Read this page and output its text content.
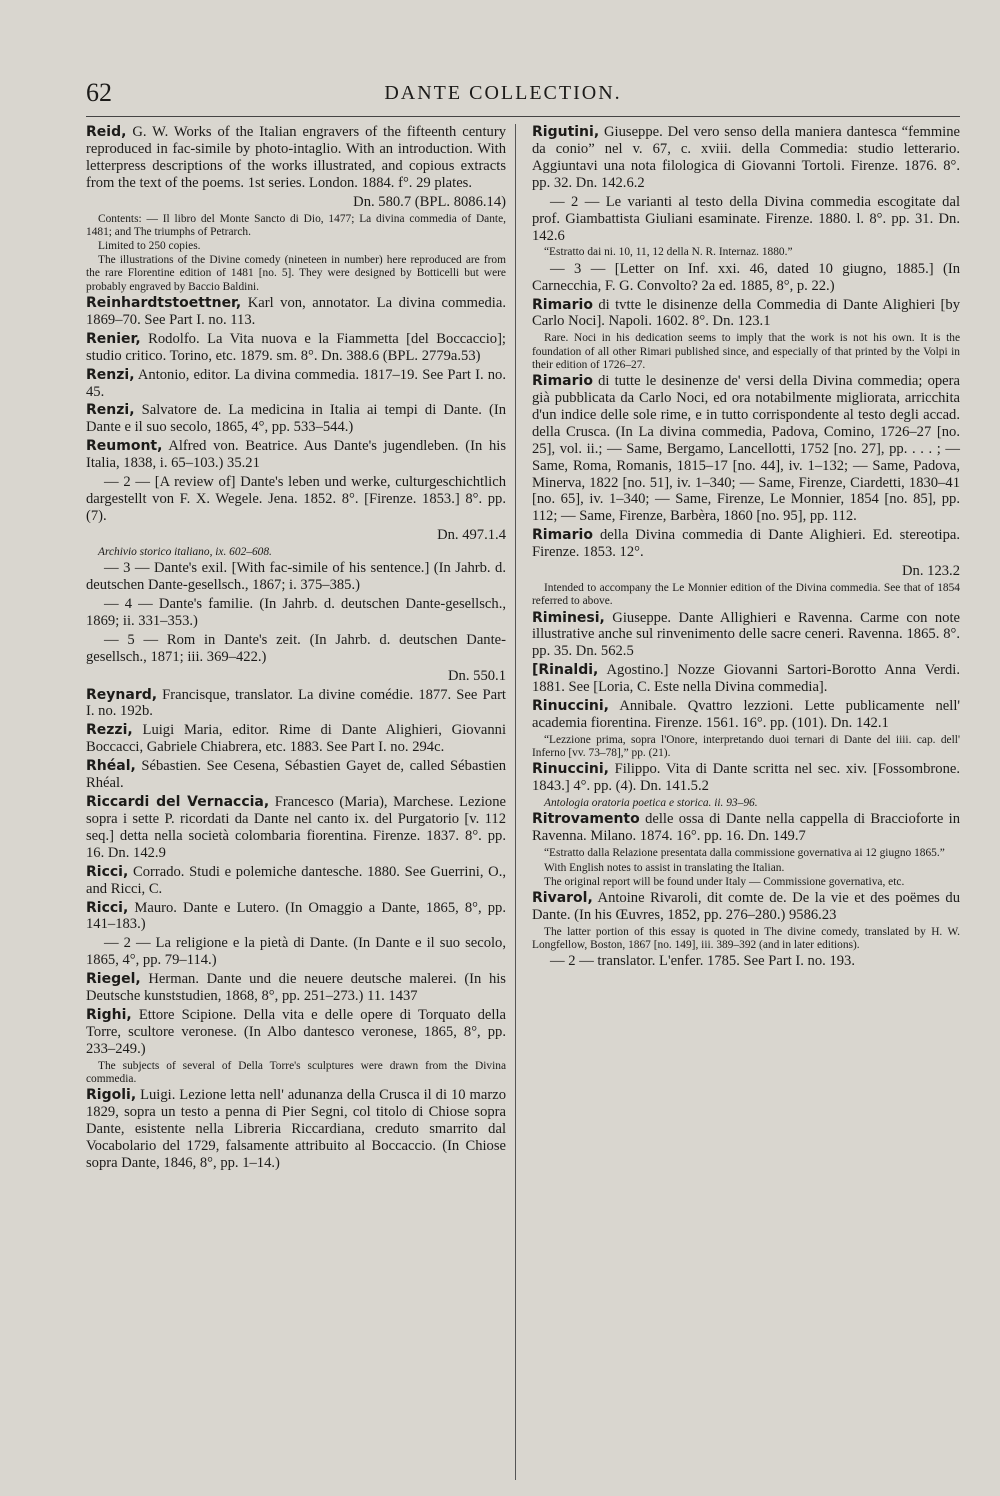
62	DANTE COLLECTION.
Reid, G. W. Works of the Italian engravers of the fifteenth century reproduced in fac-simile by photo-intaglio. With an introduction. With letterpress descriptions of the works illustrated, and copious extracts from the text of the poems. 1st series. London. 1884. f°. 29 plates.
Dn. 580.7 (BPL. 8086.14)
Contents: — Il libro del Monte Sancto di Dio, 1477; La divina commedia of Dante, 1481; and The triumphs of Petrarch.
Limited to 250 copies.
The illustrations of the Divine comedy (nineteen in number) here reproduced are from the rare Florentine edition of 1481 [no. 5]. They were designed by Botticelli but were probably engraved by Baccio Baldini.
Reinhardtstoettner, Karl von, annotator. La divina commedia. 1869–70. See Part I. no. 113.
Renier, Rodolfo. La Vita nuova e la Fiammetta [del Boccaccio]; studio critico. Torino, etc. 1879. sm. 8°. Dn. 388.6 (BPL. 2779a.53)
Renzi, Antonio, editor. La divina commedia. 1817–19. See Part I. no. 45.
Renzi, Salvatore de. La medicina in Italia ai tempi di Dante. (In Dante e il suo secolo, 1865, 4°, pp. 533–544.)
Reumont, Alfred von. Beatrice. Aus Dante's jugendleben. (In his Italia, 1838, i. 65–103.) 35.21
— 2 — [A review of] Dante's leben und werke, culturgeschichtlich dargestellt von F. X. Wegele. Jena. 1852. 8°. [Firenze. 1853.] 8°. pp. (7).
Dn. 497.1.4
Archivio storico italiano, ix. 602–608.
— 3 — Dante's exil. [With fac-simile of his sentence.] (In Jahrb. d. deutschen Dante-gesellsch., 1867; i. 375–385.)
— 4 — Dante's familie. (In Jahrb. d. deutschen Dante-gesellsch., 1869; ii. 331–353.)
— 5 — Rom in Dante's zeit. (In Jahrb. d. deutschen Dante-gesellsch., 1871; iii. 369–422.)
Dn. 550.1
Reynard, Francisque, translator. La divine comédie. 1877. See Part I. no. 192b.
Rezzi, Luigi Maria, editor. Rime di Dante Alighieri, Giovanni Boccacci, Gabriele Chiabrera, etc. 1883. See Part I. no. 294c.
Rhéal, Sébastien. See Cesena, Sébastien Gayet de, called Sébastien Rhéal.
Riccardi del Vernaccia, Francesco (Maria), Marchese. Lezione sopra i sette P. ricordati da Dante nel canto ix. del Purgatorio [v. 112 seq.] detta nella società colombaria fiorentina. Firenze. 1837. 8°. pp. 16. Dn. 142.9
Ricci, Corrado. Studi e polemiche dantesche. 1880. See Guerrini, O., and Ricci, C.
Ricci, Mauro. Dante e Lutero. (In Omaggio a Dante, 1865, 8°, pp. 141–183.)
— 2 — La religione e la pietà di Dante. (In Dante e il suo secolo, 1865, 4°, pp. 79–114.)
Riegel, Herman. Dante und die neuere deutsche malerei. (In his Deutsche kunststudien, 1868, 8°, pp. 251–273.) 11. 1437
Righi, Ettore Scipione. Della vita e delle opere di Torquato della Torre, scultore veronese. (In Albo dantesco veronese, 1865, 8°, pp. 233–249.)
The subjects of several of Della Torre's sculptures were drawn from the Divina commedia.
Rigoli, Luigi. Lezione letta nell' adunanza della Crusca il di 10 marzo 1829, sopra un testo a penna di Pier Segni, col titolo di Chiose sopra Dante, esistente nella Libreria Riccardiana, creduto smarrito dal Vocabolario del 1729, falsamente attribuito al Boccaccio. (In Chiose sopra Dante, 1846, 8°, pp. 1–14.)
Rigutini, Giuseppe. Del vero senso della maniera dantesca “femmine da conio” nel v. 67, c. xviii. della Commedia: studio letterario. Aggiuntavi una nota filologica di Giovanni Tortoli. Firenze. 1876. 8°. pp. 32. Dn. 142.6.2
— 2 — Le varianti al testo della Divina commedia escogitate dal prof. Giambattista Giuliani esaminate. Firenze. 1880. l. 8°. pp. 31. Dn. 142.6
“Estratto dai ni. 10, 11, 12 della N. R. Internaz. 1880.”
— 3 — [Letter on Inf. xxi. 46, dated 10 giugno, 1885.] (In Carnecchia, F. G. Convolto? 2a ed. 1885, 8°, p. 22.)
Rimario di tvtte le disinenze della Commedia di Dante Alighieri [by Carlo Noci]. Napoli. 1602. 8°. Dn. 123.1
Rare. Noci in his dedication seems to imply that the work is not his own. It is the foundation of all other Rimari published since, and especially of that printed by the Volpi in their edition of 1726–27.
Rimario di tutte le desinenze de' versi della Divina commedia; opera già pubblicata da Carlo Noci, ed ora notabilmente migliorata, arricchita d'un indice delle sole rime, e in tutto corrispondente al testo degli accad. della Crusca. (In La divina commedia, Padova, Comino, 1726–27 [no. 25], vol. ii.; — Same, Bergamo, Lancellotti, 1752 [no. 27], pp. . . . ; — Same, Roma, Romanis, 1815–17 [no. 44], iv. 1–132; — Same, Padova, Minerva, 1822 [no. 51], iv. 1–340; — Same, Firenze, Ciardetti, 1830–41 [no. 65], iv. 1–340; — Same, Firenze, Le Monnier, 1854 [no. 85], pp. 112; — Same, Firenze, Barbèra, 1860 [no. 95], pp. 112.
Rimario della Divina commedia di Dante Alighieri. Ed. stereotipa. Firenze. 1853. 12°.
Dn. 123.2
Intended to accompany the Le Monnier edition of the Divina commedia. See that of 1854 referred to above.
Riminesi, Giuseppe. Dante Allighieri e Ravenna. Carme con note illustrative anche sul rinvenimento delle sacre ceneri. Ravenna. 1865. 8°. pp. 35. Dn. 562.5
[Rinaldi, Agostino.] Nozze Giovanni Sartori-Borotto Anna Verdi. 1881. See [Loria, C. Este nella Divina commedia].
Rinuccini, Annibale. Qvattro lezzioni. Lette publicamente nell' academia fiorentina. Firenze. 1561. 16°. pp. (101). Dn. 142.1
“Lezzione prima, sopra l'Onore, interpretando duoi ternari di Dante del iiii. cap. dell' Inferno [vv. 73–78],” pp. (21).
Rinuccini, Filippo. Vita di Dante scritta nel sec. xiv. [Fossombrone. 1843.] 4°. pp. (4). Dn. 141.5.2
Antologia oratoria poetica e storica. ii. 93–96.
Ritrovamento delle ossa di Dante nella cappella di Braccioforte in Ravenna. Milano. 1874. 16°. pp. 16. Dn. 149.7
“Estratto dalla Relazione presentata dalla commissione governativa ai 12 giugno 1865.”
With English notes to assist in translating the Italian.
The original report will be found under Italy — Commissione governativa, etc.
Rivarol, Antoine Rivaroli, dit comte de. De la vie et des poëmes du Dante. (In his Œuvres, 1852, pp. 276–280.) 9586.23
The latter portion of this essay is quoted in The divine comedy, translated by H. W. Longfellow, Boston, 1867 [no. 149], iii. 389–392 (and in later editions).
— 2 — translator. L'enfer. 1785. See Part I. no. 193.
